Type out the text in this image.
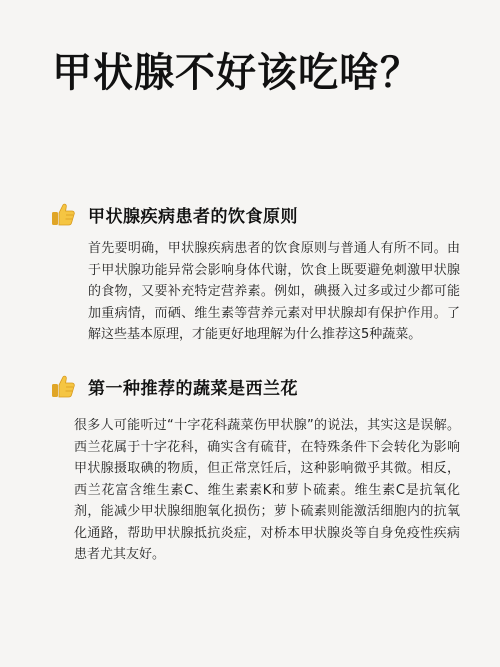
甲状腺不好该吃啥？
甲状腺疾病患者的饮食原则

首先要明确，甲状腺疾病患者的饮食原则与普通人有所不同。由于甲状腺功能异常会影响身体代谢，饮食上既要避免刺激甲状腺的食物，又要补充特定营养素。例如，碘摄入过多或过少都可能加重病情，而硒、维生素等营养元素对甲状腺却有保护作用。了解这些基本原理，才能更好地理解为什么推荐这5种蔬菜。

第一种推荐的蔬菜是西兰花

很多人可能听过“十字花科蔬菜伤甲状腺”的说法，其实这是误解。西兰花属于十字花科，确实含有硫苷，在特殊条件下会转化为影响甲状腺摄取碘的物质，但正常烹饪后，这种影响微乎其微。相反，西兰花富含维生素C、维生素素K和萝卜硫素。维生素C是抗氧化剂，能减少甲状腺细胞氧化损伤；萝卜硫素则能激活细胞内的抗氧化通路，帮助甲状腺抵抗炎症，对桥本甲状腺炎等自身免疫性疾病患者尤其友好。
